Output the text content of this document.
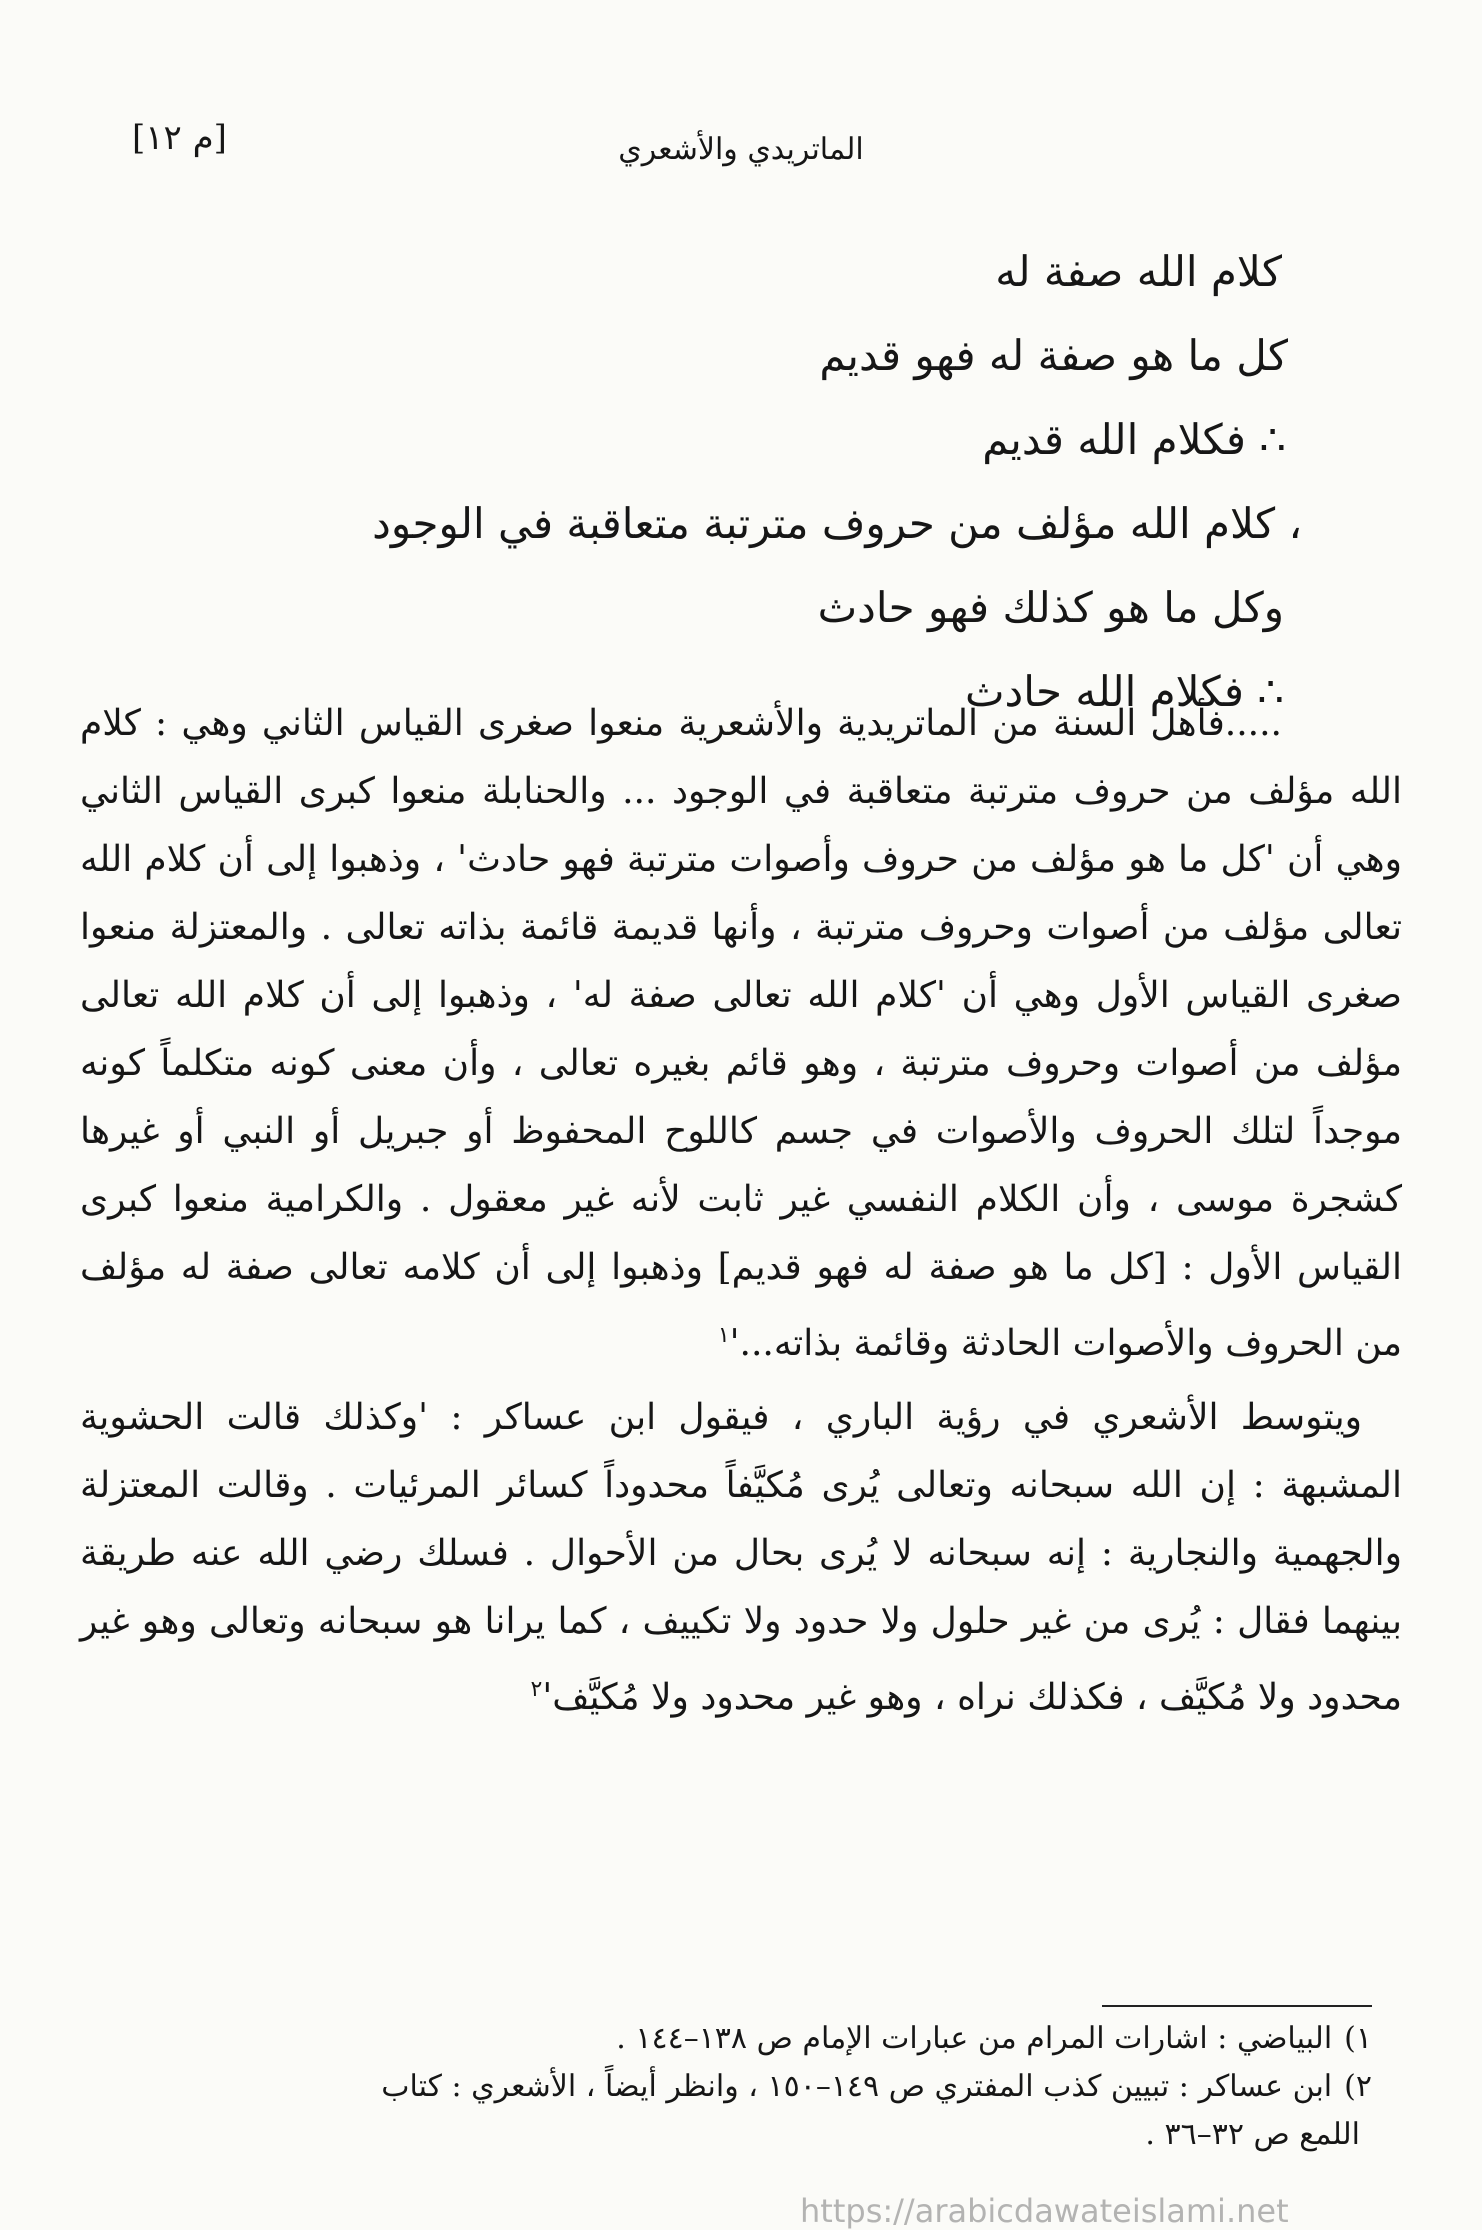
الماتريدي والأشعري
[م ١٢]
كلام الله صفة له
كل ما هو صفة له فهو قديم
∴ فكلام الله قديم
، كلام الله مؤلف من حروف مترتبة متعاقبة في الوجود
وكل ما هو كذلك فهو حادث
∴ فكلام الله حادث

.....فأهل السنة من الماتريدية والأشعرية منعوا صغرى القياس الثاني وهي : كلام الله مؤلف من حروف مترتبة متعاقبة في الوجود ... والحنابلة منعوا كبرى القياس الثاني وهي أن 'كل ما هو مؤلف من حروف وأصوات مترتبة فهو حادث' ، وذهبوا إلى أن كلام الله تعالى مؤلف من أصوات وحروف مترتبة ، وأنها قديمة قائمة بذاته تعالى . والمعتزلة منعوا صغرى القياس الأول وهي أن 'كلام الله تعالى صفة له' ، وذهبوا إلى أن كلام الله تعالى مؤلف من أصوات وحروف مترتبة ، وهو قائم بغيره تعالى ، وأن معنى كونه متكلماً كونه موجداً لتلك الحروف والأصوات في جسم كاللوح المحفوظ أو جبريل أو النبي أو غيرها كشجرة موسى ، وأن الكلام النفسي غير ثابت لأنه غير معقول . والكرامية منعوا كبرى القياس الأول : [كل ما هو صفة له فهو قديم] وذهبوا إلى أن كلامه تعالى صفة له مؤلف من الحروف والأصوات الحادثة وقائمة بذاته...'$^١$

ويتوسط الأشعري في رؤية الباري ، فيقول ابن عساكر : 'وكذلك قالت الحشوية المشبهة : إن الله سبحانه وتعالى يُرى مُكيَّفاً محدوداً كسائر المرئيات . وقالت المعتزلة والجهمية والنجارية : إنه سبحانه لا يُرى بحال من الأحوال . فسلك رضي الله عنه طريقة بينهما فقال : يُرى من غير حلول ولا حدود ولا تكييف ، كما يرانا هو سبحانه وتعالى وهو غير محدود ولا مُكيَّف ، فكذلك نراه ، وهو غير محدود ولا مُكيَّف'$^٢$

١)البياضي : اشارات المرام من عبارات الإمام ص ١٣٨–١٤٤ .
٢)ابن عساكر : تبيين كذب المفتري ص ١٤٩–١٥٠ ، وانظر أيضاً ، الأشعري : كتاب
اللمع ص ٣٢–٣٦ .
https://arabicdawateislami.net
